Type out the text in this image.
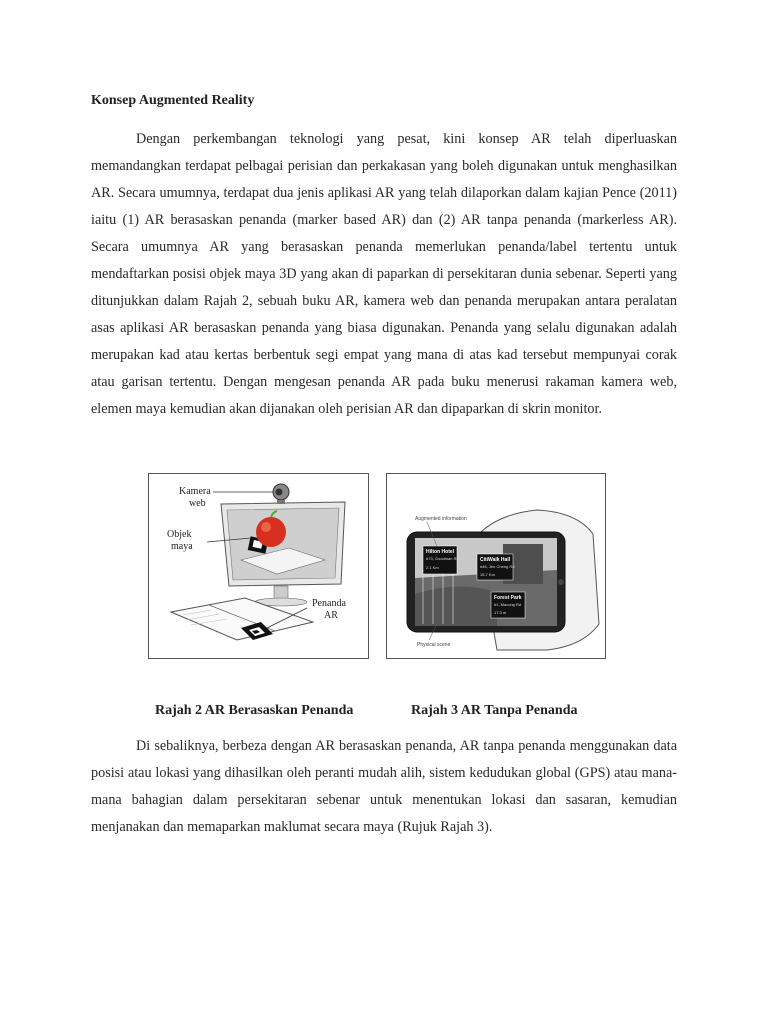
Konsep Augmented Reality

Dengan perkembangan teknologi yang pesat, kini konsep AR telah diperluaskan memandangkan terdapat pelbagai perisian dan perkakasan yang boleh digunakan untuk menghasilkan AR. Secara umumnya, terdapat dua jenis aplikasi AR yang telah dilaporkan dalam kajian Pence (2011) iaitu (1) AR berasaskan penanda (marker based AR) dan (2) AR tanpa penanda (markerless AR). Secara umumnya AR yang berasaskan penanda memerlukan penanda/label tertentu untuk mendaftarkan posisi objek maya 3D yang akan di paparkan di persekitaran dunia sebenar. Seperti yang ditunjukkan dalam Rajah 2, sebuah buku AR, kamera web dan penanda merupakan antara peralatan asas aplikasi AR berasaskan penanda yang biasa digunakan. Penanda yang selalu digunakan adalah merupakan kad atau kertas berbentuk segi empat yang mana di atas kad tersebut mempunyai corak atau garisan tertentu. Dengan mengesan penanda AR pada buku menerusi rakaman kamera web, elemen maya kemudian akan dijanakan oleh perisian AR dan dipaparkan di skrin monitor.

Kamera
web
Objek
maya
Penanda
AR
Hilton Hotel
#73, Goodman Rd
2.1 Km
CitiWalk Hall
#46, Jee Cheng Rd
15.7 Km
Forest Park
#1, Macong Rd
17.3 m
Augmented information
Physical scene
Rajah 2 AR Berasaskan Penanda	Rajah 3 AR Tanpa Penanda

Di sebaliknya, berbeza dengan AR berasaskan penanda, AR tanpa penanda menggunakan data posisi atau lokasi yang dihasilkan oleh peranti mudah alih, sistem kedudukan global (GPS) atau mana-mana bahagian dalam persekitaran sebenar untuk menentukan lokasi dan sasaran, kemudian menjanakan dan memaparkan maklumat secara maya (Rujuk Rajah 3).
